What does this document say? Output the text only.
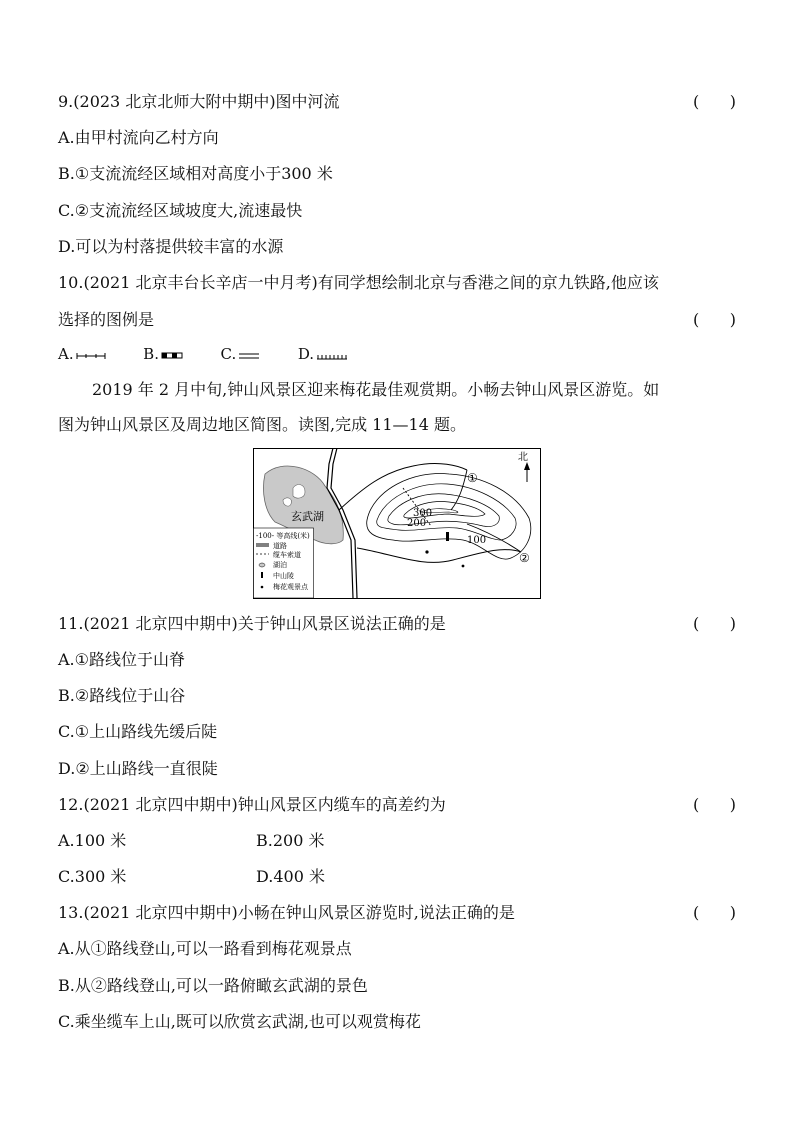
9.(2023 北京北师大附中期中)图中河流	(      )
A.由甲村流向乙村方向
B.①支流流经区域相对高度小于300 米
C.②支流流经区域坡度大,流速最快
D.可以为村落提供较丰富的水源
10.(2021 北京丰台长辛店一中月考)有同学想绘制北京与香港之间的京九铁路,他应该
选择的图例是	(      )
A.	B.	C.	D.
2019 年 2 月中旬,钟山风景区迎来梅花最佳观赏期。小畅去钟山风景区游览。如
图为钟山风景区及周边地区简图。读图,完成 11—14 题。
北
玄武湖	300
200
100
①
②
-100- 等高线(米)
道路
缆车索道
湖泊
中山陵
梅花观景点
11.(2021 北京四中期中)关于钟山风景区说法正确的是	(      )
A.①路线位于山脊
B.②路线位于山谷
C.①上山路线先缓后陡
D.②上山路线一直很陡
12.(2021 北京四中期中)钟山风景区内缆车的高差约为	(      )
A.100 米	B.200 米
C.300 米	D.400 米
13.(2021 北京四中期中)小畅在钟山风景区游览时,说法正确的是	(      )
A.从①路线登山,可以一路看到梅花观景点
B.从②路线登山,可以一路俯瞰玄武湖的景色
C.乘坐缆车上山,既可以欣赏玄武湖,也可以观赏梅花
